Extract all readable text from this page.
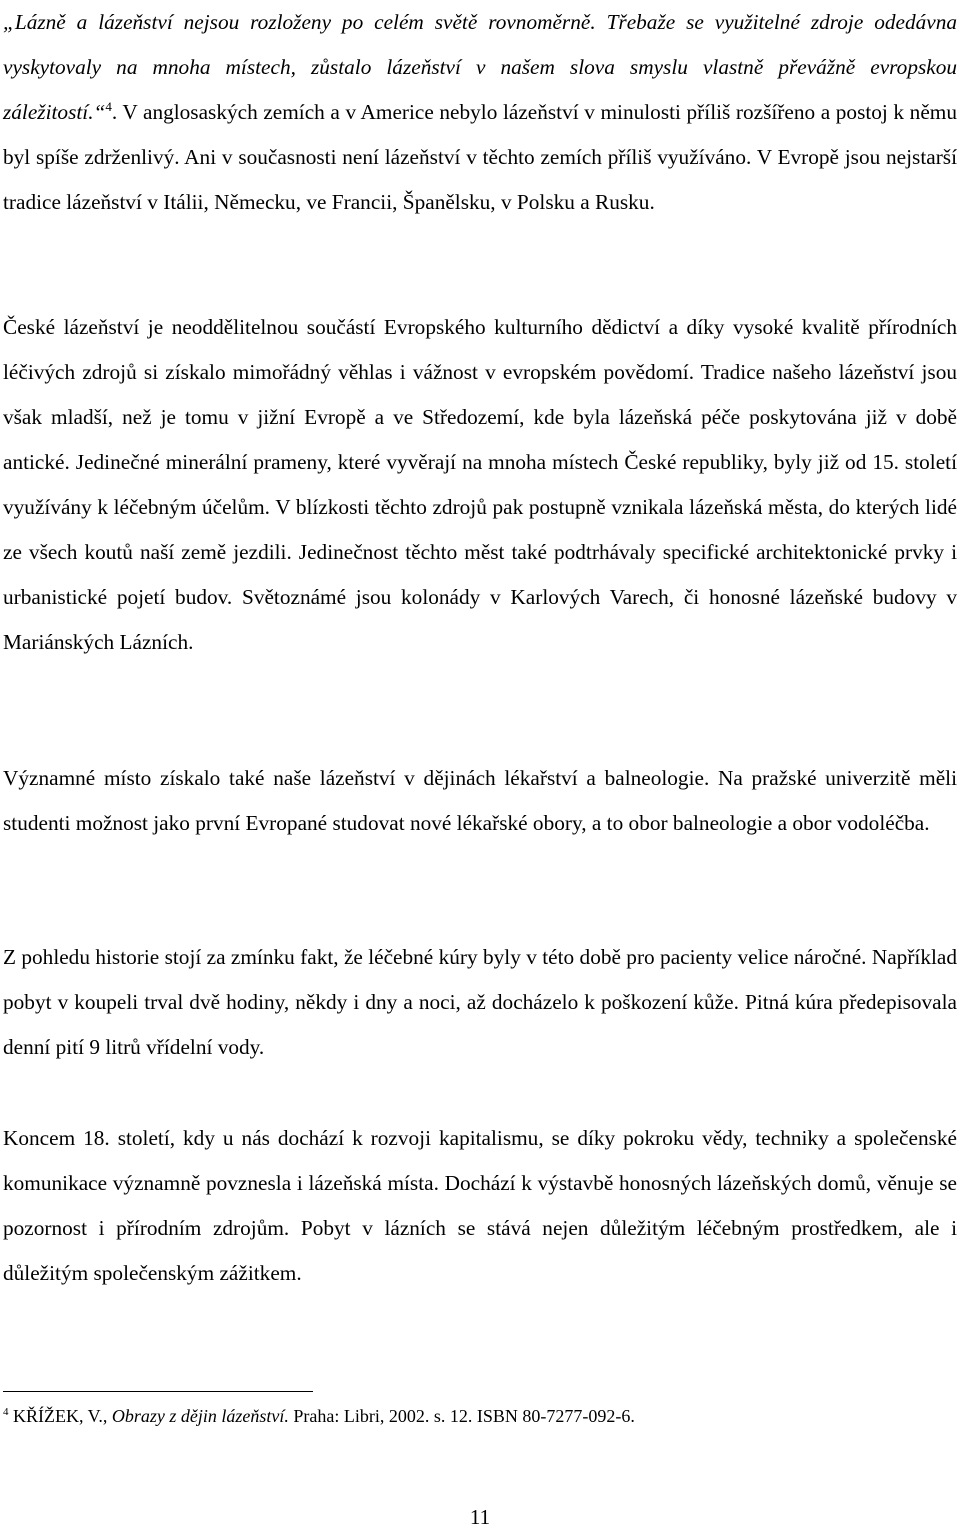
„Lázně a lázeňství nejsou rozloženy po celém světě rovnoměrně. Třebaže se využitelné zdroje odedávna vyskytovaly na mnoha místech, zůstalo lázeňství v našem slova smyslu vlastně převážně evropskou záležitostí.“$^4$. V anglosaských zemích a v Americe nebylo lázeňství v minulosti příliš rozšířeno a postoj k němu byl spíše zdrženlivý. Ani v současnosti není lázeňství v těchto zemích příliš využíváno. V Evropě jsou nejstarší tradice lázeňství v Itálii, Německu, ve Francii, Španělsku, v Polsku a Rusku.

České lázeňství je neoddělitelnou součástí Evropského kulturního dědictví a díky vysoké kvalitě přírodních léčivých zdrojů si získalo mimořádný věhlas i vážnost v evropském povědomí. Tradice našeho lázeňství jsou však mladší, než je tomu v jižní Evropě a ve Středozemí, kde byla lázeňská péče poskytována již v době antické. Jedinečné minerální prameny, které vyvěrají na mnoha místech České republiky, byly již od 15. století využívány k léčebným účelům. V blízkosti těchto zdrojů pak postupně vznikala lázeňská města, do kterých lidé ze všech koutů naší země jezdili. Jedinečnost těchto měst také podtrhávaly specifické architektonické prvky i urbanistické pojetí budov. Světoznámé jsou kolonády v Karlových Varech, či honosné lázeňské budovy v Mariánských Lázních.

Významné místo získalo také naše lázeňství v dějinách lékařství a balneologie. Na pražské univerzitě měli studenti možnost jako první Evropané studovat nové lékařské obory, a to obor balneologie a obor vodoléčba.

Z pohledu historie stojí za zmínku fakt, že léčebné kúry byly v této době pro pacienty velice náročné. Například pobyt v koupeli trval dvě hodiny, někdy i dny a noci, až docházelo k poškození kůže. Pitná kúra předepisovala denní pití 9 litrů vřídelní vody.

Koncem 18. století, kdy u nás dochází k rozvoji kapitalismu, se díky pokroku vědy, techniky a společenské komunikace významně povznesla i lázeňská místa. Dochází k výstavbě honosných lázeňských domů, věnuje se pozornost i přírodním zdrojům. Pobyt v lázních se stává nejen důležitým léčebným prostředkem, ale i důležitým společenským zážitkem.

$^4$ KŘÍŽEK, V., Obrazy z dějin lázeňství. Praha: Libri, 2002. s. 12. ISBN 80-7277-092-6.

11
